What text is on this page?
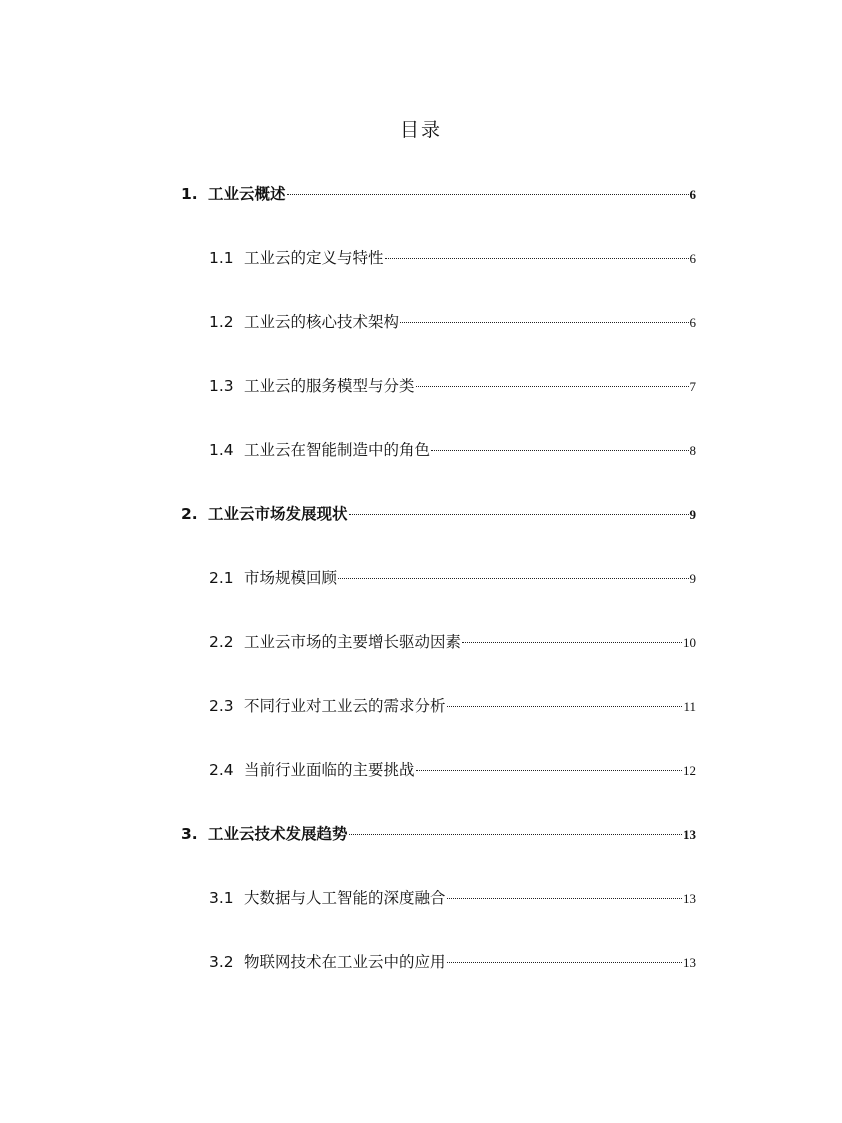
目录
1. 工业云概述	6
1.1 工业云的定义与特性	6
1.2 工业云的核心技术架构	6
1.3 工业云的服务模型与分类	7
1.4 工业云在智能制造中的角色	8
2. 工业云市场发展现状	9
2.1 市场规模回顾	9
2.2 工业云市场的主要增长驱动因素	10
2.3 不同行业对工业云的需求分析	11
2.4 当前行业面临的主要挑战	12
3. 工业云技术发展趋势	13
3.1 大数据与人工智能的深度融合	13
3.2 物联网技术在工业云中的应用	13
